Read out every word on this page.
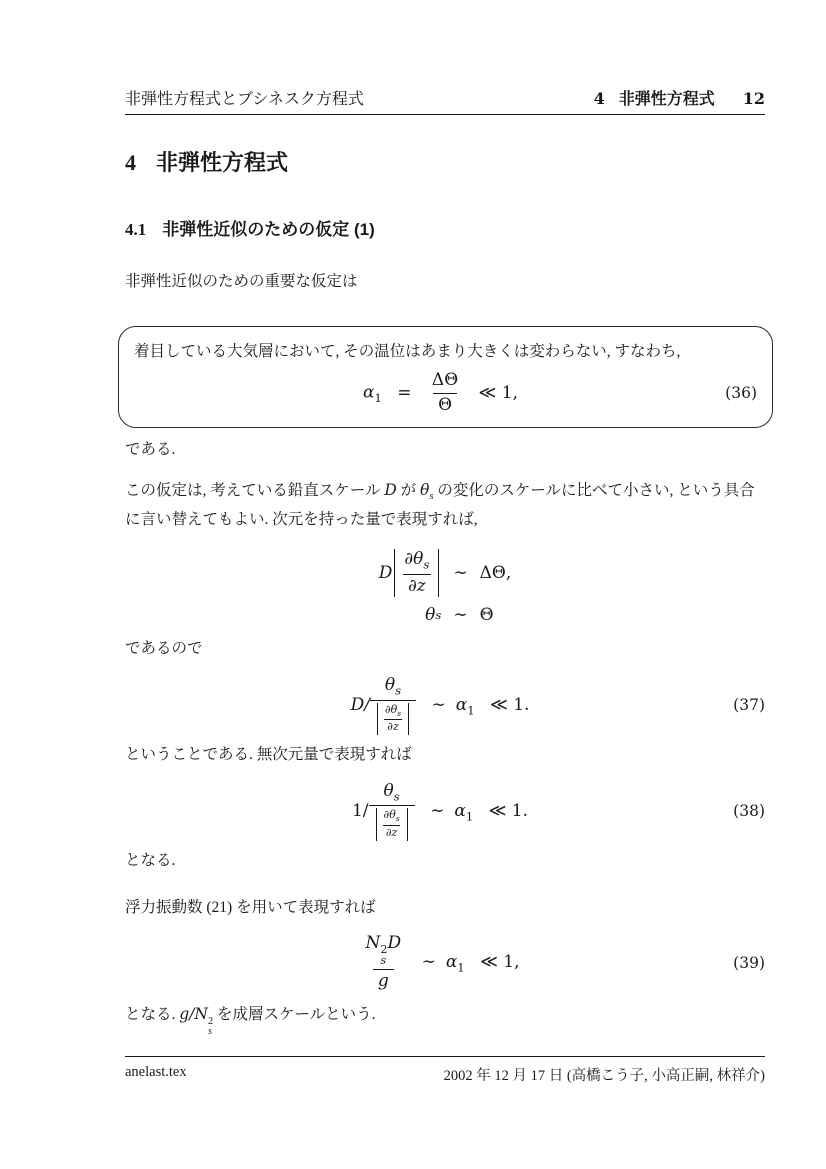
非弾性方程式とブシネスク方程式	4 非弾性方程式 12
4 非弾性方程式
4.1 非弾性近似のための仮定 (1)

非弾性近似のための重要な仮定は

着目している大気層において, その温位はあまり大きくは変わらない, すなわち,
$\alpha_1 = \frac{\Delta\Theta}{\Theta}$ ≪ 1,	(36)

である.

この仮定は, 考えている鉛直スケール D が $\theta_s$ の変化のスケールに比べて小さい, という具合に言い替えてもよい. 次元を持った量で表現すれば,

D $\frac{\partial\theta_s}{\partial z}$ ∼ ΔΘ,
θ s ∼ Θ

であるので

$D/ \frac{\theta_s}{\frac{\partial\theta_s}{\partial z}}$ ∼ $\alpha_1$ ≪ 1.	(37)

ということである. 無次元量で表現すれば

$1/ \frac{\theta_s}{\frac{\partial\theta_s}{\partial z}}$ ∼ $\alpha_1$ ≪ 1.	(38)

となる.

浮力振動数 (21) を用いて表現すれば

N 2
s
D
g ∼ $\alpha_1$ ≪ 1,	(39)

となる. g/N 2
s
を成層スケールという.

anelast.tex	2002 年 12 月 17 日 (高橋こう子, 小高正嗣, 林祥介)
